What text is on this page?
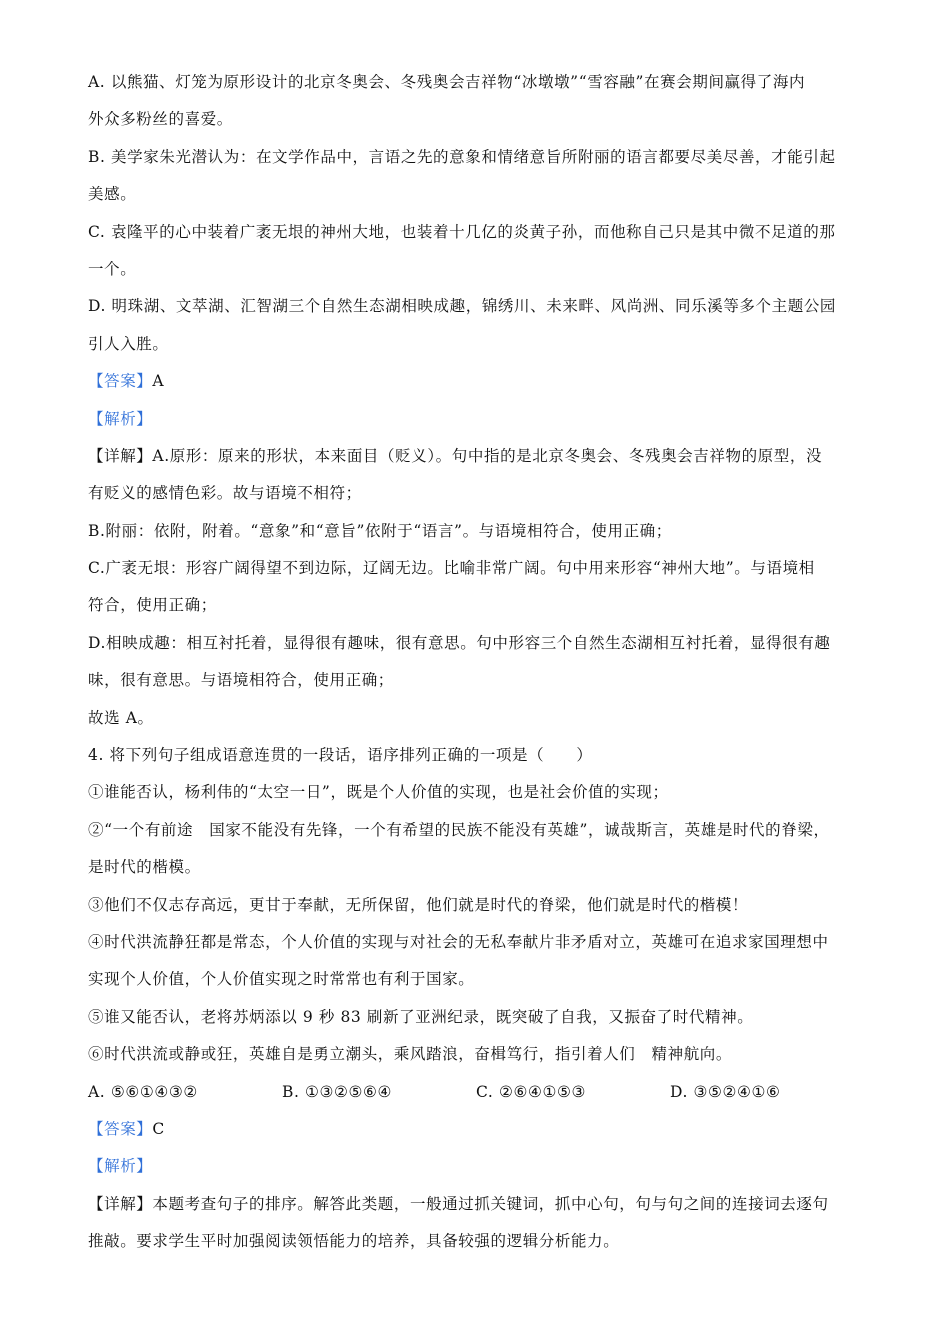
A. 以熊猫、灯笼为原形设计的北京冬奥会、冬残奥会吉祥物“冰墩墩”“雪容融”在赛会期间赢得了海内

外众多粉丝的喜爱。

B. 美学家朱光潜认为：在文学作品中，言语之先的意象和情绪意旨所附丽的语言都要尽美尽善，才能引起

美感。

C. 袁隆平的心中装着广袤无垠的神州大地，也装着十几亿的炎黄子孙，而他称自己只是其中微不足道的那

一个。

D. 明珠湖、文萃湖、汇智湖三个自然生态湖相映成趣，锦绣川、未来畔、风尚洲、同乐溪等多个主题公园

引人入胜。

【答案】A

【解析】

【详解】A.原形：原来的形状，本来面目（贬义）。句中指的是北京冬奥会、冬残奥会吉祥物的原型，没

有贬义的感情色彩。故与语境不相符；

B.附丽：依附，附着。“意象”和“意旨”依附于“语言”。与语境相符合，使用正确；

C.广袤无垠：形容广阔得望不到边际，辽阔无边。比喻非常广阔。句中用来形容“神州大地”。与语境相

符合，使用正确；

D.相映成趣：相互衬托着，显得很有趣味，很有意思。句中形容三个自然生态湖相互衬托着，显得很有趣

味，很有意思。与语境相符合，使用正确；

故选 A。

4. 将下列句子组成语意连贯的一段话，语序排列正确的一项是（　　）

①谁能否认，杨利伟的“太空一日”，既是个人价值的实现，也是社会价值的实现；

②“一个有前途　国家不能没有先锋，一个有希望的民族不能没有英雄”，诚哉斯言，英雄是时代的脊梁，

是时代的楷模。

③他们不仅志存高远，更甘于奉献，无所保留，他们就是时代的脊梁，他们就是时代的楷模！

④时代洪流静狂都是常态，个人价值的实现与对社会的无私奉献片非矛盾对立，英雄可在追求家国理想中

实现个人价值，个人价值实现之时常常也有利于国家。

⑤谁又能否认，老将苏炳添以 9 秒 83 刷新了亚洲纪录，既突破了自我，又振奋了时代精神。

⑥时代洪流或静或狂，英雄自是勇立潮头，乘风踏浪，奋楫笃行，指引着人们　精神航向。

A. ⑤⑥①④③②	B. ①③②⑤⑥④	C. ②⑥④①⑤③	D. ③⑤②④①⑥

【答案】C

【解析】

【详解】本题考查句子的排序。解答此类题，一般通过抓关键词，抓中心句，句与句之间的连接词去逐句

推敲。要求学生平时加强阅读领悟能力的培养，具备较强的逻辑分析能力。
